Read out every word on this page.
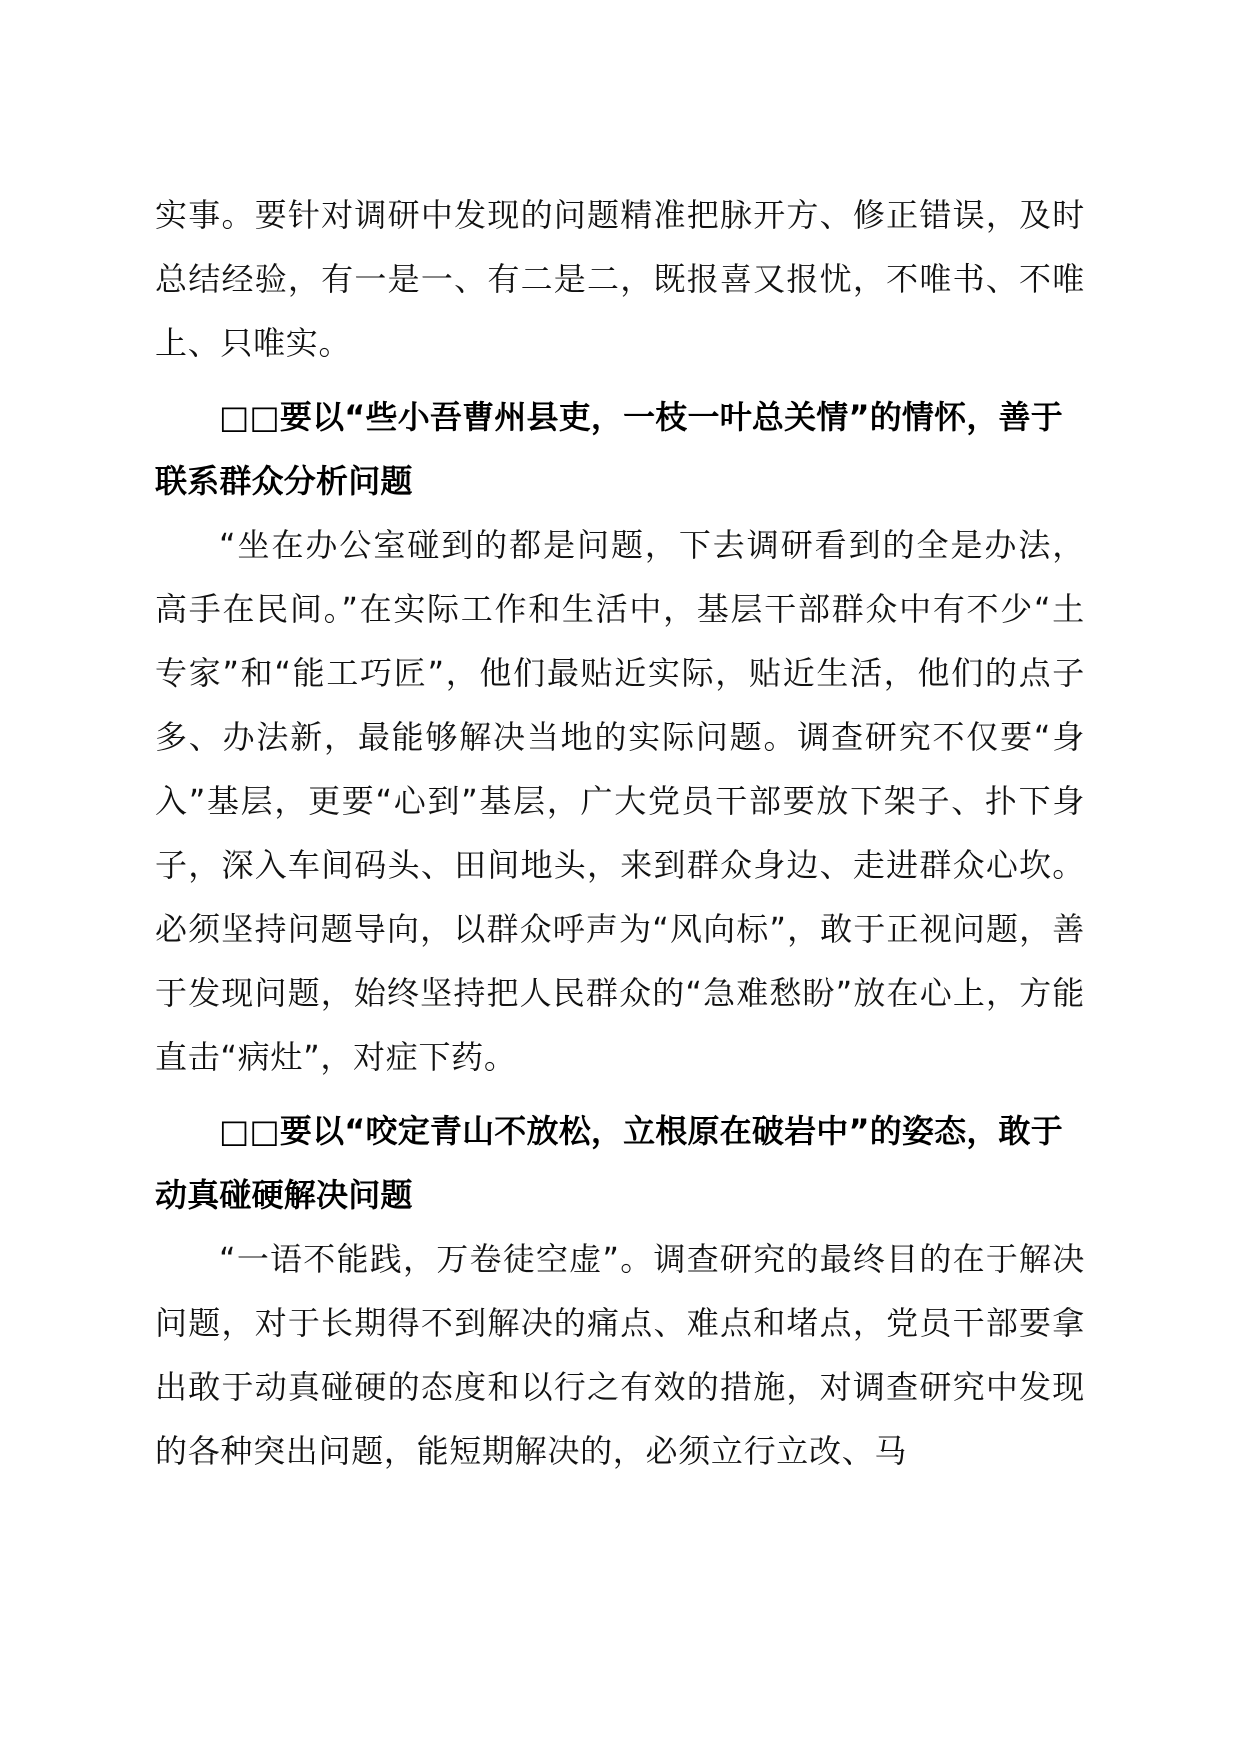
实事。要针对调研中发现的问题精准把脉开方、修正错误，及时总结经验，有一是一、有二是二，既报喜又报忧，不唯书、不唯上、只唯实。

□□要以“些小吾曹州县吏，一枝一叶总关情”的情怀，善于联系群众分析问题

“坐在办公室碰到的都是问题，下去调研看到的全是办法，高手在民间。”在实际工作和生活中，基层干部群众中有不少“土专家”和“能工巧匠”，他们最贴近实际，贴近生活，他们的点子多、办法新，最能够解决当地的实际问题。调查研究不仅要“身入”基层，更要“心到”基层，广大党员干部要放下架子、扑下身子，深入车间码头、田间地头，来到群众身边、走进群众心坎。必须坚持问题导向，以群众呼声为“风向标”，敢于正视问题，善于发现问题，始终坚持把人民群众的“急难愁盼”放在心上，方能直击“病灶”，对症下药。

□□要以“咬定青山不放松，立根原在破岩中”的姿态，敢于动真碰硬解决问题

“一语不能践，万卷徒空虚”。调查研究的最终目的在于解决问题，对于长期得不到解决的痛点、难点和堵点，党员干部要拿出敢于动真碰硬的态度和以行之有效的措施，对调查研究中发现的各种突出问题，能短期解决的，必须立行立改、马
